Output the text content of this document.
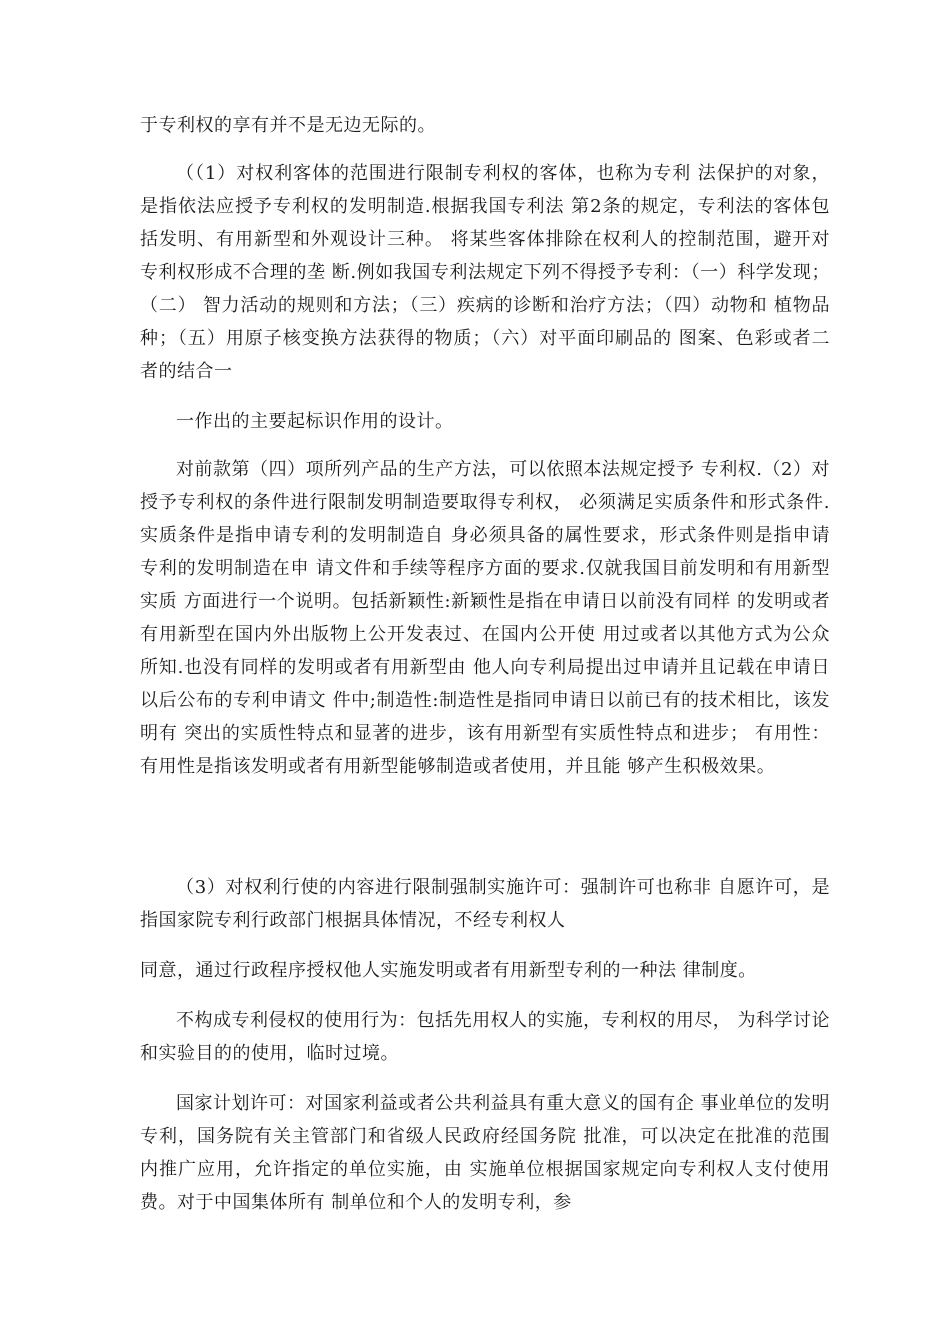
于专利权的享有并不是无边无际的。

（（1）对权利客体的范围进行限制专利权的客体，也称为专利 法保护的对象，是指依法应授予专利权的发明制造.根据我国专利法 第2条的规定，专利法的客体包括发明、有用新型和外观设计三种。 将某些客体排除在权利人的控制范围，避开对专利权形成不合理的垄 断.例如我国专利法规定下列不得授予专利：（一）科学发现；（二） 智力活动的规则和方法；（三）疾病的诊断和治疗方法；（四）动物和 植物品种；（五）用原子核变换方法获得的物质；（六）对平面印刷品的 图案、色彩或者二者的结合一

一作出的主要起标识作用的设计。

对前款第（四）项所列产品的生产方法，可以依照本法规定授予 专利权.（2）对授予专利权的条件进行限制发明制造要取得专利权， 必须满足实质条件和形式条件.实质条件是指申请专利的发明制造自 身必须具备的属性要求，形式条件则是指申请专利的发明制造在申 请文件和手续等程序方面的要求.仅就我国目前发明和有用新型实质 方面进行一个说明。包括新颖性:新颖性是指在申请日以前没有同样 的发明或者有用新型在国内外出版物上公开发表过、在国内公开使 用过或者以其他方式为公众所知.也没有同样的发明或者有用新型由 他人向专利局提出过申请并且记载在申请日以后公布的专利申请文 件中;制造性:制造性是指同申请日以前已有的技术相比，该发明有 突出的实质性特点和显著的进步，该有用新型有实质性特点和进步； 有用性：有用性是指该发明或者有用新型能够制造或者使用，并且能 够产生积极效果。

（3）对权利行使的内容进行限制强制实施许可：强制许可也称非 自愿许可，是指国家院专利行政部门根据具体情况，不经专利权人

同意，通过行政程序授权他人实施发明或者有用新型专利的一种法 律制度。

不构成专利侵权的使用行为：包括先用权人的实施，专利权的用尽， 为科学讨论和实验目的的使用，临时过境。

国家计划许可：对国家利益或者公共利益具有重大意义的国有企 事业单位的发明专利，国务院有关主管部门和省级人民政府经国务院 批准，可以决定在批准的范围内推广应用，允许指定的单位实施，由 实施单位根据国家规定向专利权人支付使用费。对于中国集体所有 制单位和个人的发明专利，参
